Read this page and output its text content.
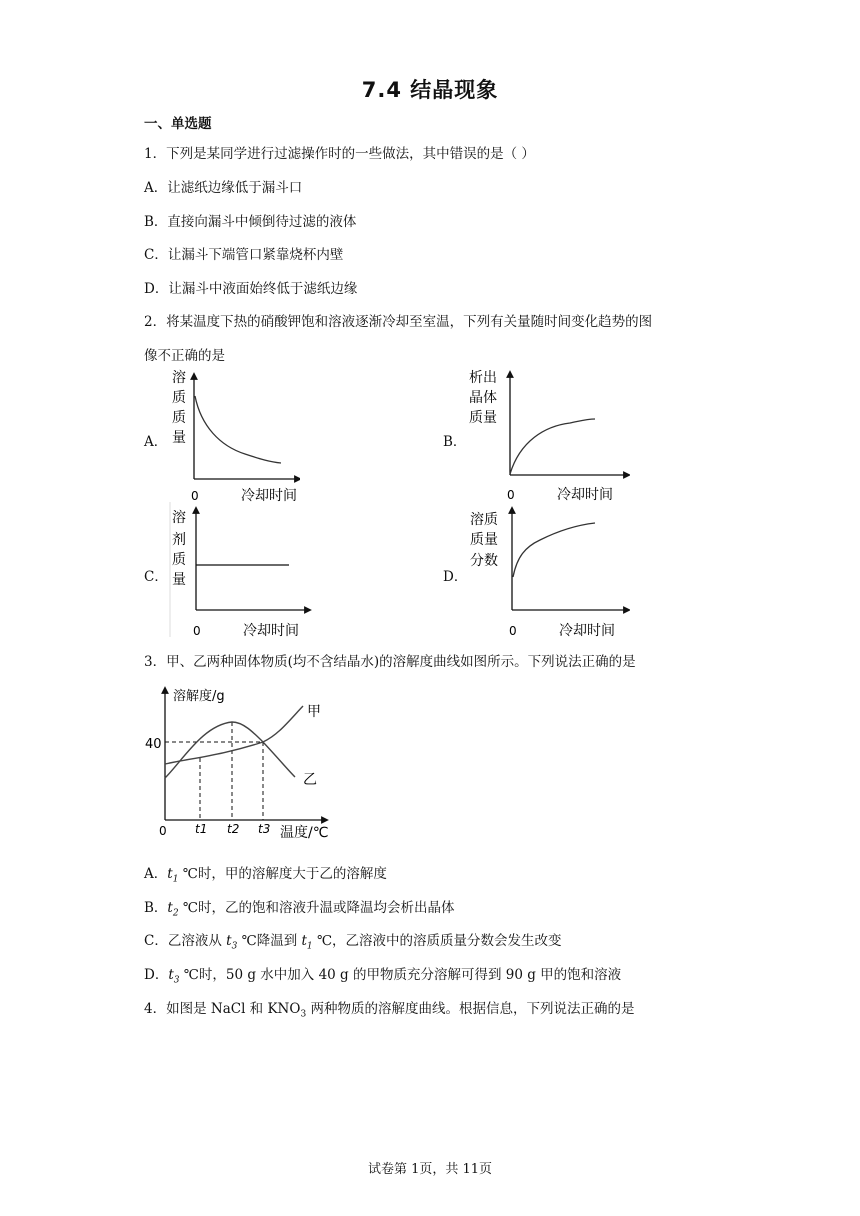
7.4 结晶现象
一、单选题
1．下列是某同学进行过滤操作时的一些做法，其中错误的是（ ）
A．让滤纸边缘低于漏斗口
B．直接向漏斗中倾倒待过滤的液体
C．让漏斗下端管口紧靠烧杯内壁
D．让漏斗中液面始终低于滤纸边缘
2．将某温度下热的硝酸钾饱和溶液逐渐冷却至室温，下列有关量随时间变化趋势的图
像不正确的是
A．	B．
C．	D．
溶
质
质
量
0	冷却时间
析出
晶体
质量
0	冷却时间
溶
剂
质
量
0	冷却时间
溶质
质量
分数
0	冷却时间
3．甲、乙两种固体物质(均不含结晶水)的溶解度曲线如图所示。下列说法正确的是
溶解度/g
40
0	温度/℃
甲
乙
t1 t2 t3
A．$t_1$ ℃时，甲的溶解度大于乙的溶解度
B．$t_2$ ℃时，乙的饱和溶液升温或降温均会析出晶体
C．乙溶液从 $t_3$ ℃降温到 $t_1$ ℃，乙溶液中的溶质质量分数会发生改变
D．$t_3$ ℃时，50 g 水中加入 40 g 的甲物质充分溶解可得到 90 g 甲的饱和溶液
4．如图是 NaCl 和 $KNO_3$ 两种物质的溶解度曲线。根据信息，下列说法正确的是
试卷第 1页，共 11页
